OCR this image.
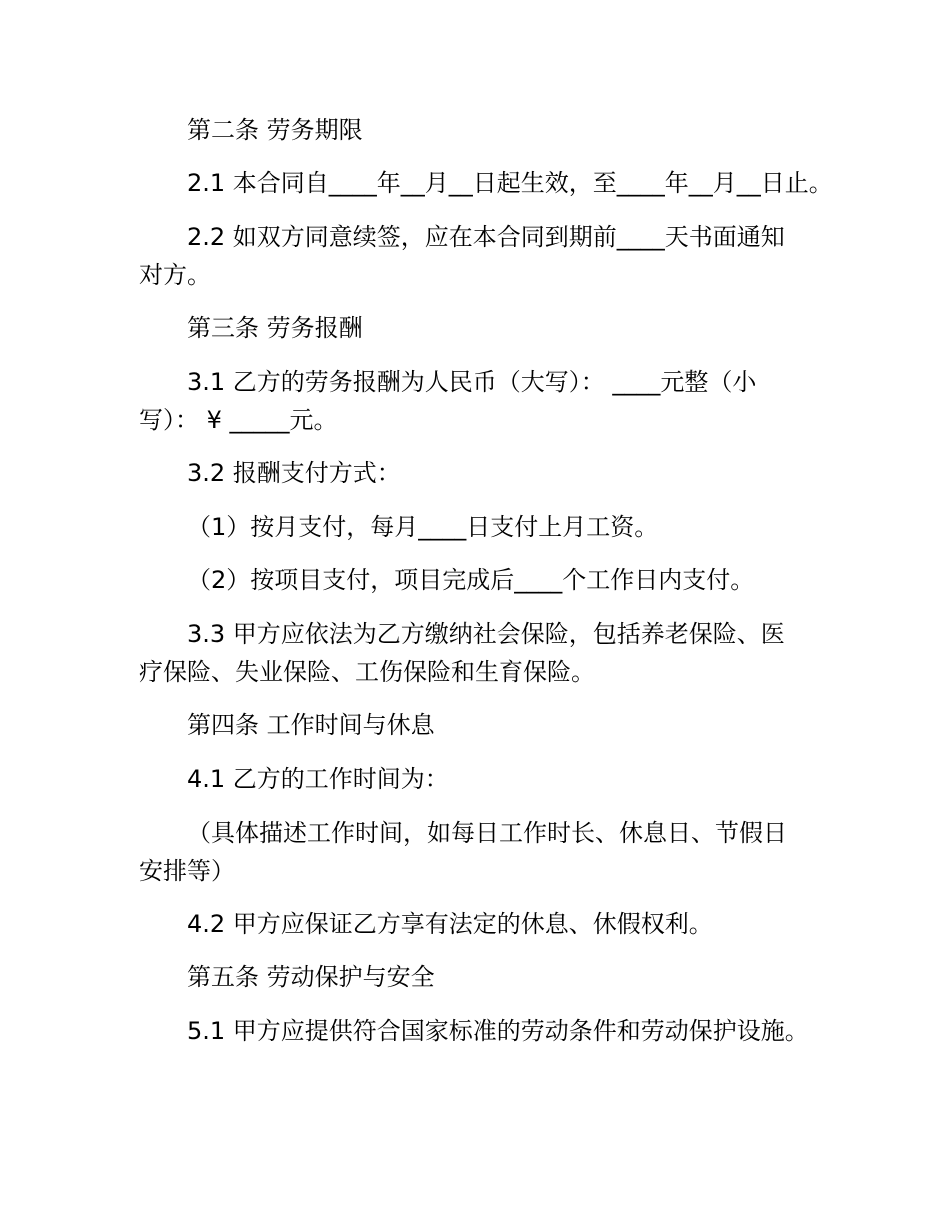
第二条 劳务期限
2.1 本合同自____年__月__日起生效，至____年__月__日止。
2.2 如双方同意续签，应在本合同到期前____天书面通知
对方。
第三条 劳务报酬
3.1 乙方的劳务报酬为人民币（大写）： ____元整（小
写）： ¥ _____元。
3.2 报酬支付方式：
（1）按月支付，每月____日支付上月工资。
（2）按项目支付，项目完成后____个工作日内支付。
3.3 甲方应依法为乙方缴纳社会保险，包括养老保险、医
疗保险、失业保险、工伤保险和生育保险。
第四条 工作时间与休息
4.1 乙方的工作时间为：
（具体描述工作时间，如每日工作时长、休息日、节假日
安排等）
4.2 甲方应保证乙方享有法定的休息、休假权利。
第五条 劳动保护与安全
5.1 甲方应提供符合国家标准的劳动条件和劳动保护设施。
